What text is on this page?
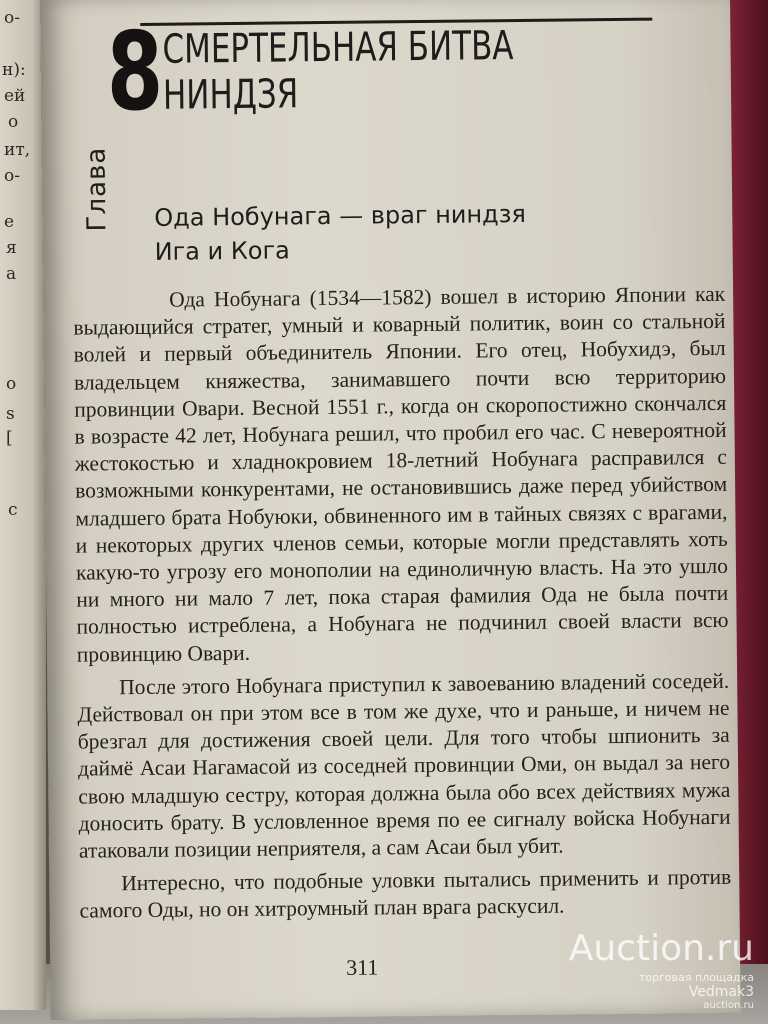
о-
н):
ей
о
ит,
о-
е
я
а
о
s
[
с
Глава
8
СМЕРТЕЛЬНАЯ БИТВА
НИНДЗЯ
Ода Нобунага — враг ниндзя
Ига и Кога

Ода Нобунага (1534—1582) вошел в историю Японии как выдающийся стратег, умный и коварный политик, воин со стальной волей и первый объединитель Японии. Его отец, Нобухидэ, был владельцем княжества, занимавшего почти всю территорию провинции Овари. Весной 1551 г., когда он скоропостижно скончался в возрасте 42 лет, Нобунага решил, что пробил его час. С невероятной жестокостью и хладнокровием 18-летний Нобунага расправился с возможными конкурентами, не остановившись даже перед убийством младшего брата Нобуюки, обвиненного им в тайных связях с врагами, и некоторых других членов семьи, которые могли представлять хоть какую-то угрозу его монополии на единоличную власть. На это ушло ни много ни мало 7 лет, пока старая фамилия Ода не была почти полностью истреблена, а Нобунага не подчинил своей власти всю провинцию Овари.

После этого Нобунага приступил к завоеванию владений соседей. Действовал он при этом все в том же духе, что и раньше, и ничем не брезгал для достижения своей цели. Для того чтобы шпионить за даймё Асаи Нагамасой из соседней провинции Оми, он выдал за него свою младшую сестру, которая должна была обо всех действиях мужа доносить брату. В условленное время по ее сигналу войска Нобунаги атаковали позиции неприятеля, а сам Асаи был убит.

Интересно, что подобные уловки пытались применить и против самого Оды, но он хитроумный план врага раскусил.

311	Auction.ru
торговая площадка
Vedmak3
auction.ru
